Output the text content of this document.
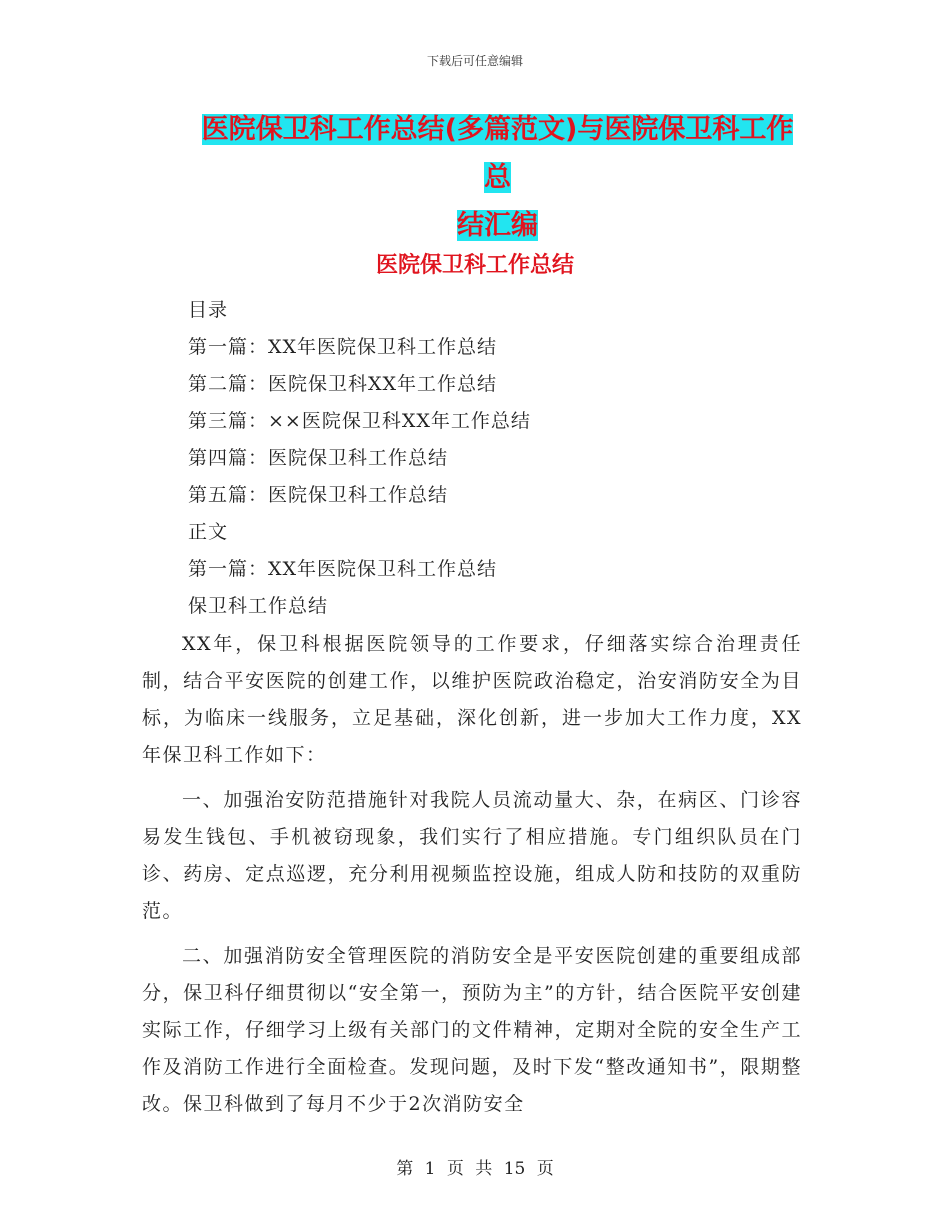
下载后可任意编辑
医院保卫科工作总结(多篇范文)与医院保卫科工作总
结汇编
医院保卫科工作总结
目录
第一篇：XX年医院保卫科工作总结
第二篇：医院保卫科XX年工作总结
第三篇：××医院保卫科XX年工作总结
第四篇：医院保卫科工作总结
第五篇：医院保卫科工作总结
正文
第一篇：XX年医院保卫科工作总结
保卫科工作总结

XX年，保卫科根据医院领导的工作要求，仔细落实综合治理责任制，结合平安医院的创建工作，以维护医院政治稳定，治安消防安全为目标，为临床一线服务，立足基础，深化创新，进一步加大工作力度，XX年保卫科工作如下：

一、加强治安防范措施针对我院人员流动量大、杂，在病区、门诊容易发生钱包、手机被窃现象，我们实行了相应措施。专门组织队员在门诊、药房、定点巡逻，充分利用视频监控设施，组成人防和技防的双重防范。

二、加强消防安全管理医院的消防安全是平安医院创建的重要组成部分，保卫科仔细贯彻以“安全第一，预防为主”的方针，结合医院平安创建实际工作，仔细学习上级有关部门的文件精神，定期对全院的安全生产工作及消防工作进行全面检查。发现问题，及时下发“整改通知书”，限期整改。保卫科做到了每月不少于2次消防安全

第 1 页 共 15 页
